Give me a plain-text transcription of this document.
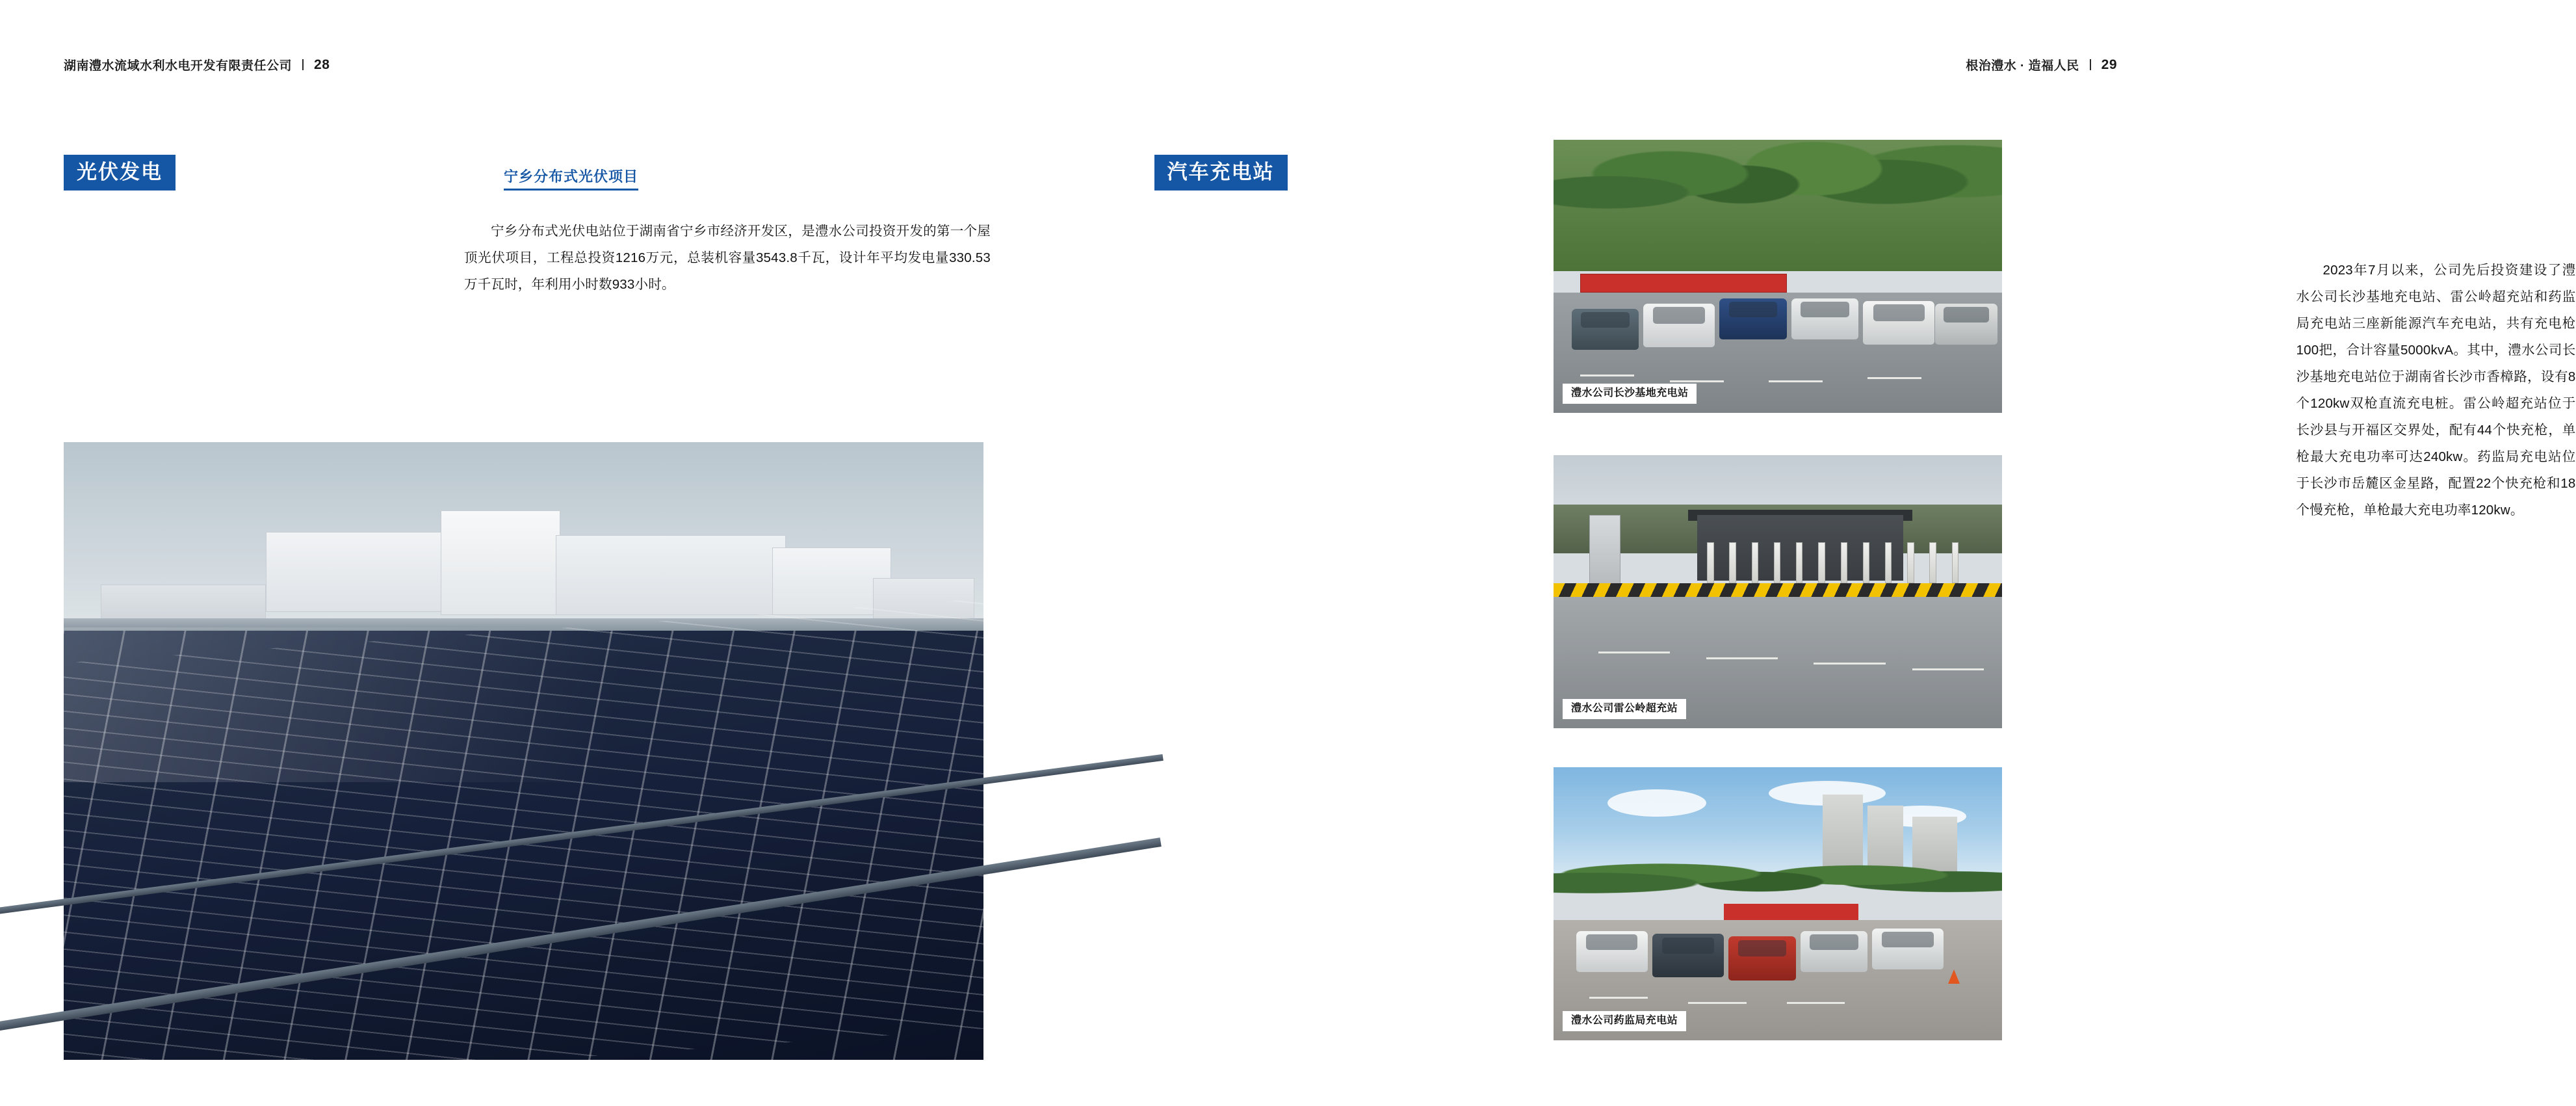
湖南澧水流域水利水电开发有限责任公司 28
光伏发电	宁乡分布式光伏项目

宁乡分布式光伏电站位于湖南省宁乡市经济开发区，是澧水公司投资开发的第一个屋顶光伏项目，工程总投资1216万元，总装机容量3543.8千瓦，设计年平均发电量330.53万千瓦时，年利用小时数933小时。

根治澧水 · 造福人民 29
汽车充电站

2023年7月以来，公司先后投资建设了澧水公司长沙基地充电站、雷公岭超充站和药监局充电站三座新能源汽车充电站，共有充电枪100把，合计容量5000kvA。其中，澧水公司长沙基地充电站位于湖南省长沙市香樟路，设有8个120kw双枪直流充电桩。雷公岭超充站位于长沙县与开福区交界处，配有44个快充枪，单枪最大充电功率可达240kw。药监局充电站位于长沙市岳麓区金星路，配置22个快充枪和18个慢充枪，单枪最大充电功率120kw。

澧水公司长沙基地充电站
澧水公司雷公岭超充站
澧水公司药监局充电站
